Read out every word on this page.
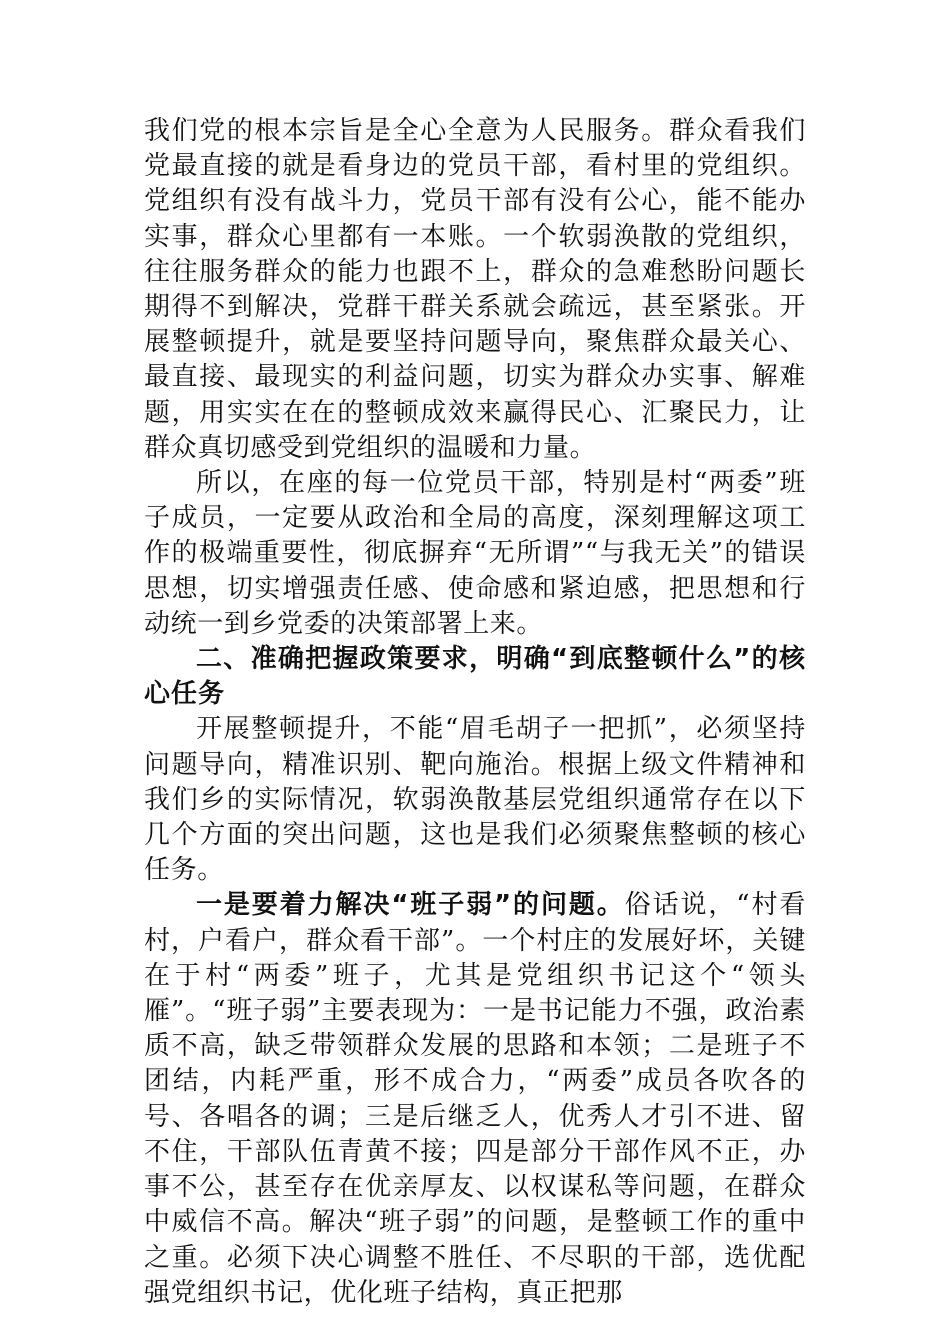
我们党的根本宗旨是全心全意为人民服务。群众看我们党最直接的就是看身边的党员干部，看村里的党组织。党组织有没有战斗力，党员干部有没有公心，能不能办实事，群众心里都有一本账。一个软弱涣散的党组织，往往服务群众的能力也跟不上，群众的急难愁盼问题长期得不到解决，党群干群关系就会疏远，甚至紧张。开展整顿提升，就是要坚持问题导向，聚焦群众最关心、最直接、最现实的利益问题，切实为群众办实事、解难题，用实实在在的整顿成效来赢得民心、汇聚民力，让群众真切感受到党组织的温暖和力量。

所以，在座的每一位党员干部，特别是村“两委”班子成员，一定要从政治和全局的高度，深刻理解这项工作的极端重要性，彻底摒弃“无所谓”“与我无关”的错误思想，切实增强责任感、使命感和紧迫感，把思想和行动统一到乡党委的决策部署上来。

二、准确把握政策要求，明确“到底整顿什么”的核心任务

开展整顿提升，不能“眉毛胡子一把抓”，必须坚持问题导向，精准识别、靶向施治。根据上级文件精神和我们乡的实际情况，软弱涣散基层党组织通常存在以下几个方面的突出问题，这也是我们必须聚焦整顿的核心任务。

一是要着力解决“班子弱”的问题。俗话说，“村看村，户看户，群众看干部”。一个村庄的发展好坏，关键在于村“两委”班子，尤其是党组织书记这个“领头雁”。“班子弱”主要表现为：一是书记能力不强，政治素质不高，缺乏带领群众发展的思路和本领；二是班子不团结，内耗严重，形不成合力，“两委”成员各吹各的号、各唱各的调；三是后继乏人，优秀人才引不进、留不住，干部队伍青黄不接；四是部分干部作风不正，办事不公，甚至存在优亲厚友、以权谋私等问题，在群众中威信不高。解决“班子弱”的问题，是整顿工作的重中之重。必须下决心调整不胜任、不尽职的干部，选优配强党组织书记，优化班子结构，真正把那
